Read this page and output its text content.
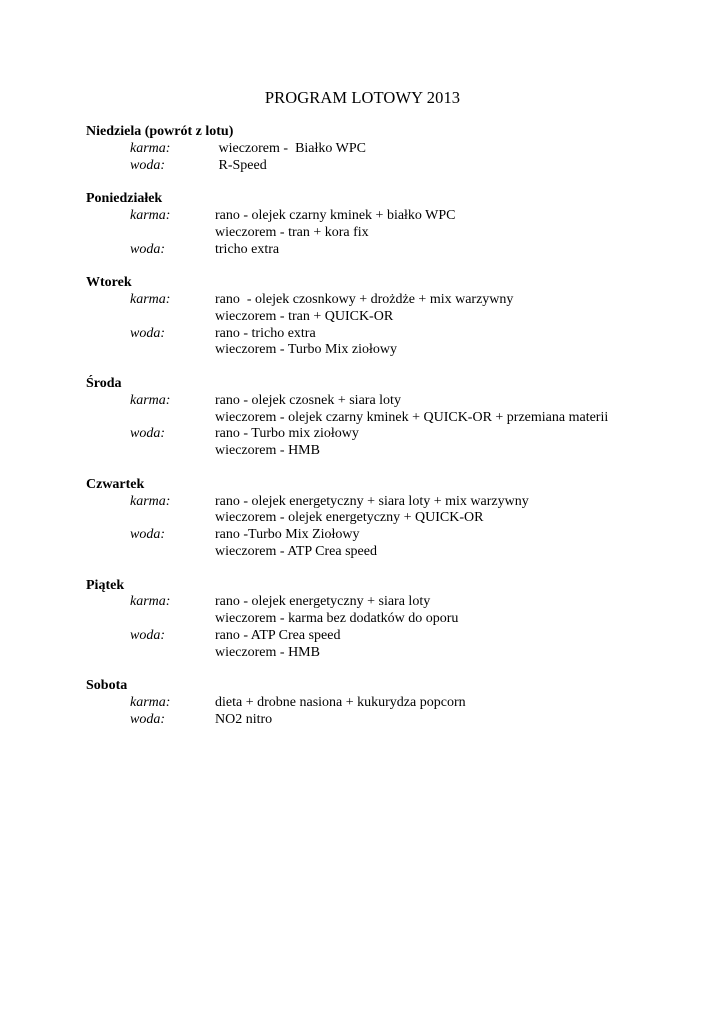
PROGRAM LOTOWY 2013
Niedziela (powrót z lotu)
karma:	wieczorem -  Białko WPC
woda:	R-Speed
Poniedziałek
karma:	rano - olejek czarny kminek + białko WPC
wieczorem - tran + kora fix
woda:	tricho extra
Wtorek
karma:	rano  - olejek czosnkowy + drożdże + mix warzywny
wieczorem - tran + QUICK-OR
woda:	rano - tricho extra
wieczorem - Turbo Mix ziołowy
Środa
karma:	rano - olejek czosnek + siara loty
wieczorem - olejek czarny kminek + QUICK-OR + przemiana materii
woda:	rano - Turbo mix ziołowy
wieczorem - HMB
Czwartek
karma:	rano - olejek energetyczny + siara loty + mix warzywny
wieczorem - olejek energetyczny + QUICK-OR
woda:	rano -Turbo Mix Ziołowy
wieczorem - ATP Crea speed
Piątek
karma:	rano - olejek energetyczny + siara loty
wieczorem - karma bez dodatków do oporu
woda:	rano - ATP Crea speed
wieczorem - HMB
Sobota
karma:	dieta + drobne nasiona + kukurydza popcorn
woda:	NO2 nitro
